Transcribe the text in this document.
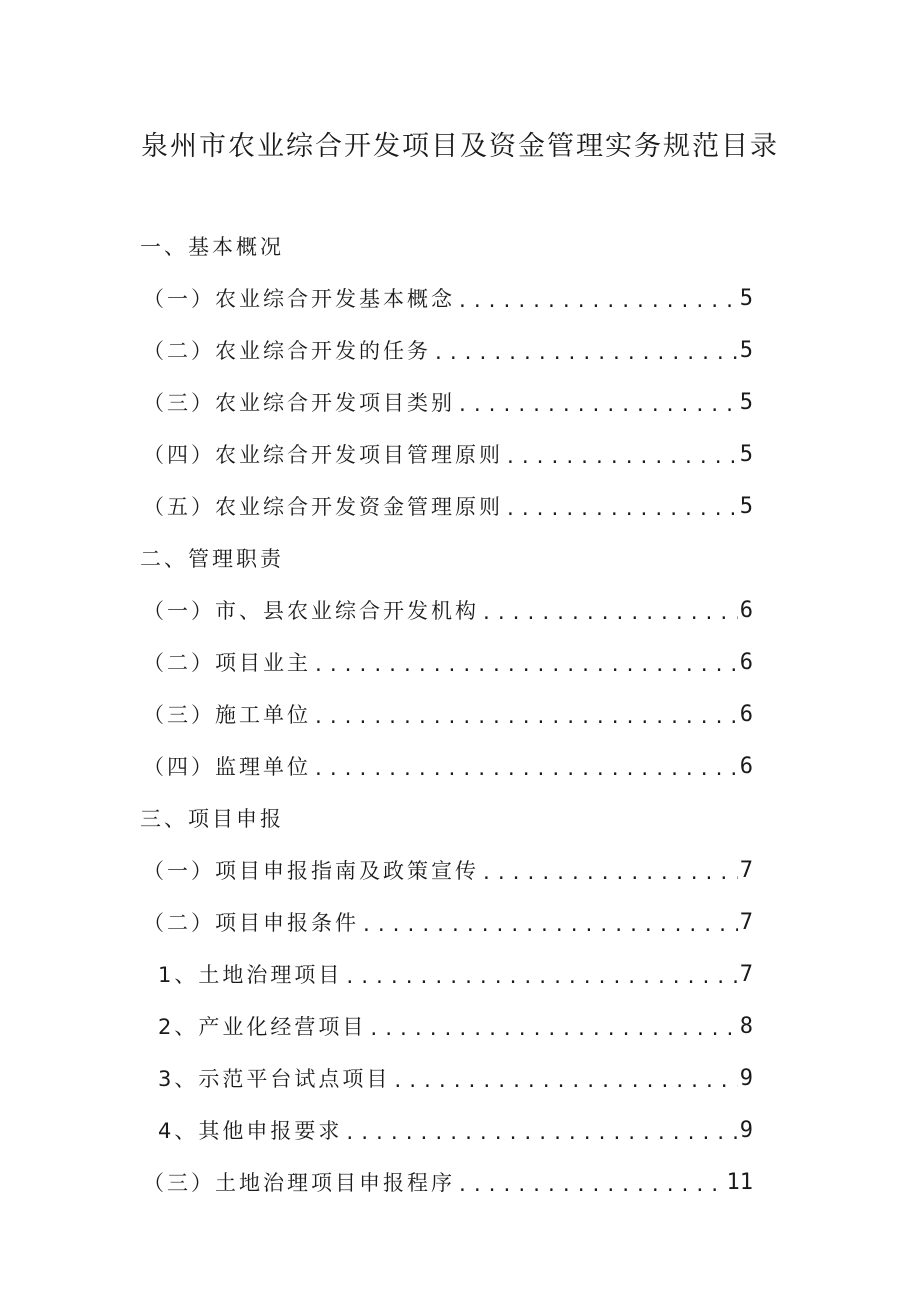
泉州市农业综合开发项目及资金管理实务规范目录
一、基本概况
（一）农业综合开发基本概念 .....	5
（二）农业综合开发的任务 .....	5
（三）农业综合开发项目类别 .....	5
（四）农业综合开发项目管理原则 .....	5
（五）农业综合开发资金管理原则 .....	5
二、管理职责
（一）市、县农业综合开发机构 .....	6
（二）项目业主 .....	6
（三）施工单位 .....	6
（四）监理单位 .....	6
三、项目申报
（一）项目申报指南及政策宣传 .....	7
（二）项目申报条件 .....	7
1、土地治理项目 .....	7
2、产业化经营项目 .....	8
3、示范平台试点项目 .....	9
4、其他申报要求 .....	9
（三）土地治理项目申报程序 .....	11
